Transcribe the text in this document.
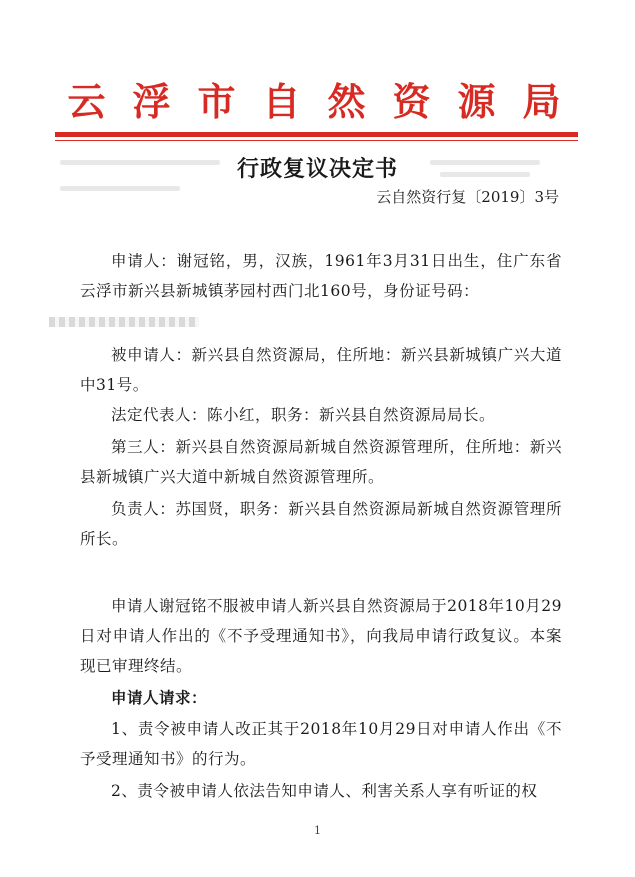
云浮市自然资源局
行政复议决定书
云自然资行复〔2019〕3号
申请人：谢冠铭，男，汉族，1961年3月31日出生，住广东省云浮市新兴县新城镇茅园村西门北160号，身份证号码：

被申请人：新兴县自然资源局，住所地：新兴县新城镇广兴大道中31号。
法定代表人：陈小红，职务：新兴县自然资源局局长。
第三人：新兴县自然资源局新城自然资源管理所，住所地：新兴县新城镇广兴大道中新城自然资源管理所。
负责人：苏国贤，职务：新兴县自然资源局新城自然资源管理所所长。
申请人谢冠铭不服被申请人新兴县自然资源局于2018年10月29日对申请人作出的《不予受理通知书》，向我局申请行政复议。本案现已审理终结。
申请人请求：
1、责令被申请人改正其于2018年10月29日对申请人作出《不予受理通知书》的行为。
2、责令被申请人依法告知申请人、利害关系人享有听证的权
1
